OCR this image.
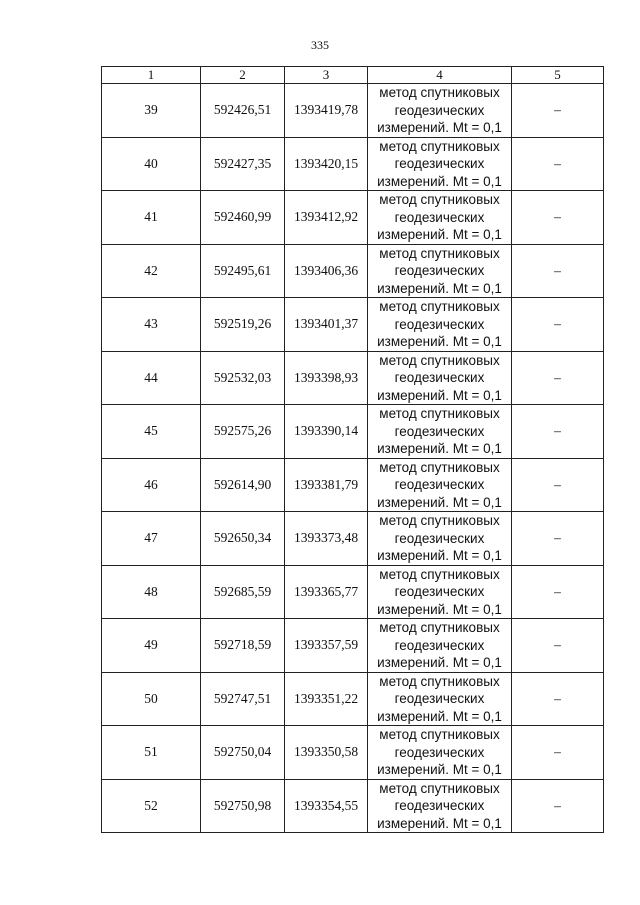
335
1	2	3	4	5
39	592426,51	1393419,78	метод спутниковых
геодезических
измерений. Mt = 0,1	–
40	592427,35	1393420,15	метод спутниковых
геодезических
измерений. Mt = 0,1	–
41	592460,99	1393412,92	метод спутниковых
геодезических
измерений. Mt = 0,1	–
42	592495,61	1393406,36	метод спутниковых
геодезических
измерений. Mt = 0,1	–
43	592519,26	1393401,37	метод спутниковых
геодезических
измерений. Mt = 0,1	–
44	592532,03	1393398,93	метод спутниковых
геодезических
измерений. Mt = 0,1	–
45	592575,26	1393390,14	метод спутниковых
геодезических
измерений. Mt = 0,1	–
46	592614,90	1393381,79	метод спутниковых
геодезических
измерений. Mt = 0,1	–
47	592650,34	1393373,48	метод спутниковых
геодезических
измерений. Mt = 0,1	–
48	592685,59	1393365,77	метод спутниковых
геодезических
измерений. Mt = 0,1	–
49	592718,59	1393357,59	метод спутниковых
геодезических
измерений. Mt = 0,1	–
50	592747,51	1393351,22	метод спутниковых
геодезических
измерений. Mt = 0,1	–
51	592750,04	1393350,58	метод спутниковых
геодезических
измерений. Mt = 0,1	–
52	592750,98	1393354,55	метод спутниковых
геодезических
измерений. Mt = 0,1	–
